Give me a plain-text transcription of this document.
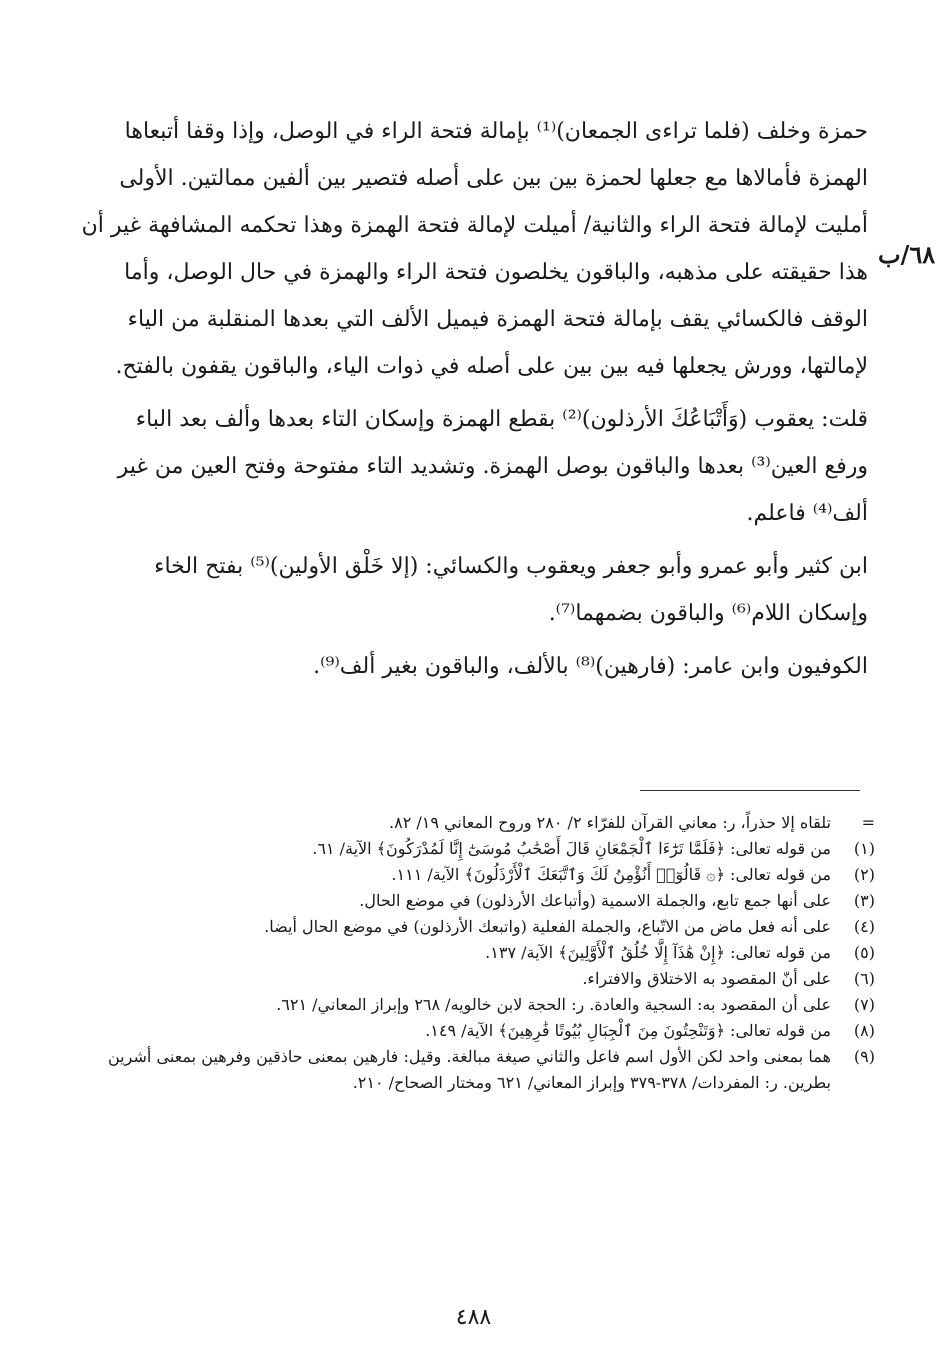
٦٨/ب

حمزة وخلف (فلما تراءى الجمعان)⁽¹⁾ بإمالة فتحة الراء في الوصل، وإذا وقفا أتبعاها
الهمزة فأمالاها مع جعلها لحمزة بين بين على أصله فتصير بين ألفين ممالتين. الأولى
أمليت لإمالة فتحة الراء والثانية/ أميلت لإمالة فتحة الهمزة وهذا تحكمه المشافهة غير أن
هذا حقيقته على مذهبه، والباقون يخلصون فتحة الراء والهمزة في حال الوصل، وأما
الوقف فالكسائي يقف بإمالة فتحة الهمزة فيميل الألف التي بعدها المنقلبة من الياء
لإمالتها، وورش يجعلها فيه بين بين على أصله في ذوات الياء، والباقون يقفون بالفتح.

قلت: يعقوب (وَأَتْبَاعُكَ الأرذلون)⁽²⁾ بقطع الهمزة وإسكان التاء بعدها وألف بعد الباء
ورفع العين⁽³⁾ بعدها والباقون بوصل الهمزة. وتشديد التاء مفتوحة وفتح العين من غير
ألف⁽⁴⁾ فاعلم.

ابن كثير وأبو عمرو وأبو جعفر ويعقوب والكسائي: (إلا خَلْق الأولين)⁽⁵⁾ بفتح الخاء
وإسكان اللام⁽⁶⁾ والباقون بضمهما⁽⁷⁾.

الكوفيون وابن عامر: (فارهين)⁽⁸⁾ بالألف، والباقون بغير ألف⁽⁹⁾.

=
تلقاه إلا حذراً، ر: معاني القرآن للفرّاء ٢/ ٢٨٠ وروح المعاني ١٩/ ٨٢.
(١)
من قوله تعالى: ﴿فَلَمَّا تَرَٰٓءَا ٱلْجَمْعَانِ قَالَ أَصْحَٰبُ مُوسَىٰٓ إِنَّا لَمُدْرَكُونَ﴾ الآية/ ٦١.
(٢)
من قوله تعالى: ﴿۞ قَالُوٓا۟ أَنُؤْمِنُ لَكَ وَٱتَّبَعَكَ ٱلْأَرْذَلُونَ﴾ الآية/ ١١١.
(٣)
على أنها جمع تابع، والجملة الاسمية (وأتباعك الأرذلون) في موضع الحال.
(٤)
على أنه فعل ماض من الاتّباع، والجملة الفعلية (واتبعك الأرذلون) في موضع الحال أيضا.
(٥)
من قوله تعالى: ﴿إِنْ هَٰذَآ إِلَّا خُلُقُ ٱلْأَوَّلِينَ﴾ الآية/ ١٣٧.
(٦)
على أنّ المقصود به الاختلاق والافتراء.
(٧)
على أن المقصود به: السجية والعادة. ر: الحجة لابن خالويه/ ٢٦٨ وإبراز المعاني/ ٦٢١.
(٨)
من قوله تعالى: ﴿وَتَنْحِتُونَ مِنَ ٱلْجِبَالِ بُيُوتًا فَٰرِهِينَ﴾ الآية/ ١٤٩.
(٩)
هما بمعنى واحد لكن الأول اسم فاعل والثاني صيغة مبالغة. وقيل: فارهين بمعنى حاذقين وفرهين بمعنى أشرين بطرين. ر: المفردات/ ٣٧٨-٣٧٩ وإبراز المعاني/ ٦٢١ ومختار الصحاح/ ٢١٠.
٤٨٨
